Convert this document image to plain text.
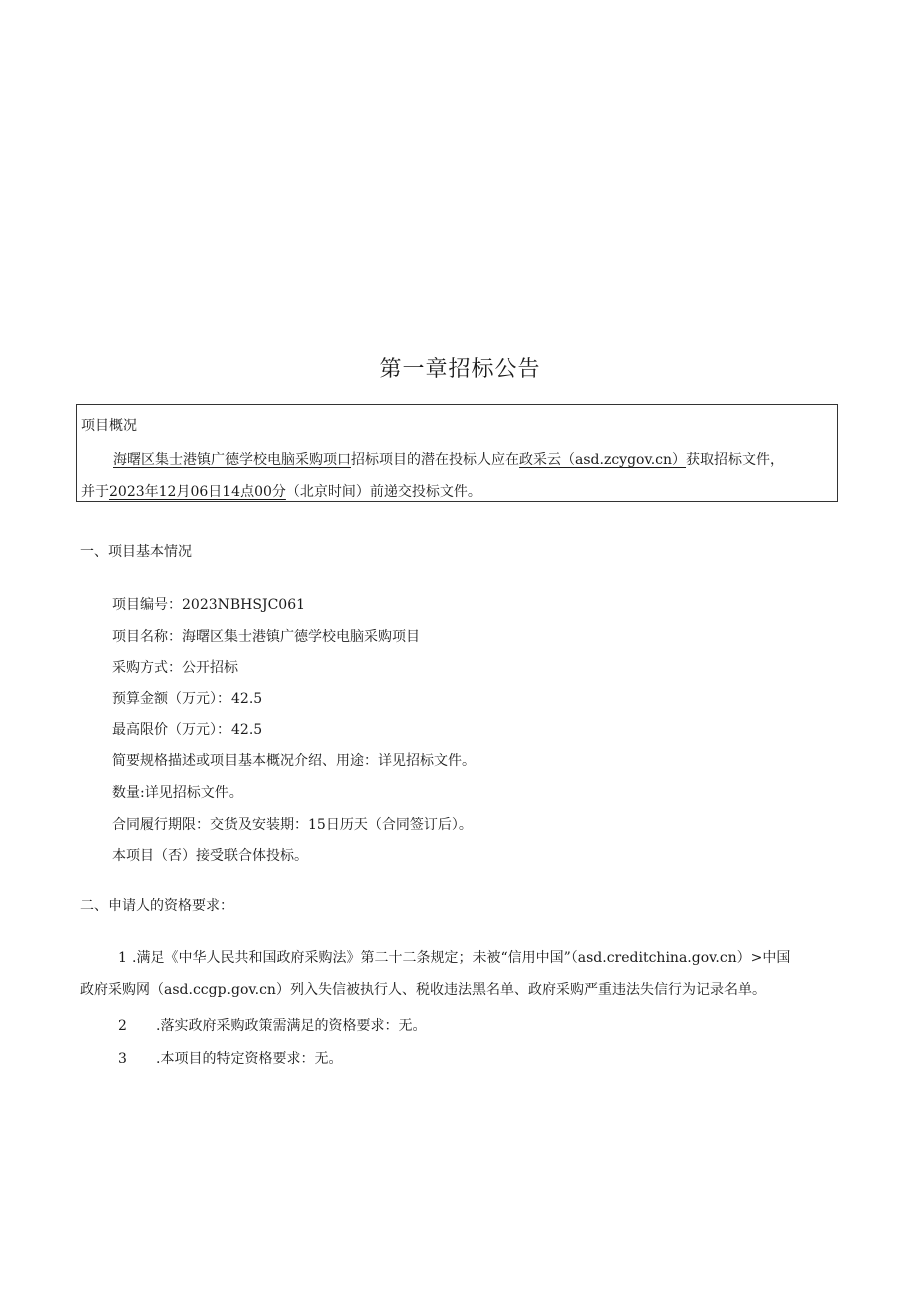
第一章招标公告
项目概况
海曙区集士港镇广德学校电脑采购项口招标项目的潜在投标人应在政采云（asd.zcygov.cn）获取招标文件，
并于2023年12月06日14点00分（北京时间）前递交投标文件。
一、项目基本情况
项目编号：2023NBHSJC061
项目名称：海曙区集士港镇广德学校电脑采购项目
采购方式：公开招标
预算金额（万元）：42.5
最高限价（万元）：42.5
简要规格描述或项目基本概况介绍、用途：详见招标文件。
数量:详见招标文件。
合同履行期限：交货及安装期：15日历天（合同签订后）。
本项目（否）接受联合体投标。
二、申请人的资格要求：
1 .满足《中华人民共和国政府采购法》第二十二条规定；未被“信用中国”（asd.creditchina.gov.cn）>中国
政府采购网（asd.ccgp.gov.cn）列入失信被执行人、税收违法黑名单、政府采购严重违法失信行为记录名单。
2 .落实政府采购政策需满足的资格要求：无。
3 .本项目的特定资格要求：无。
